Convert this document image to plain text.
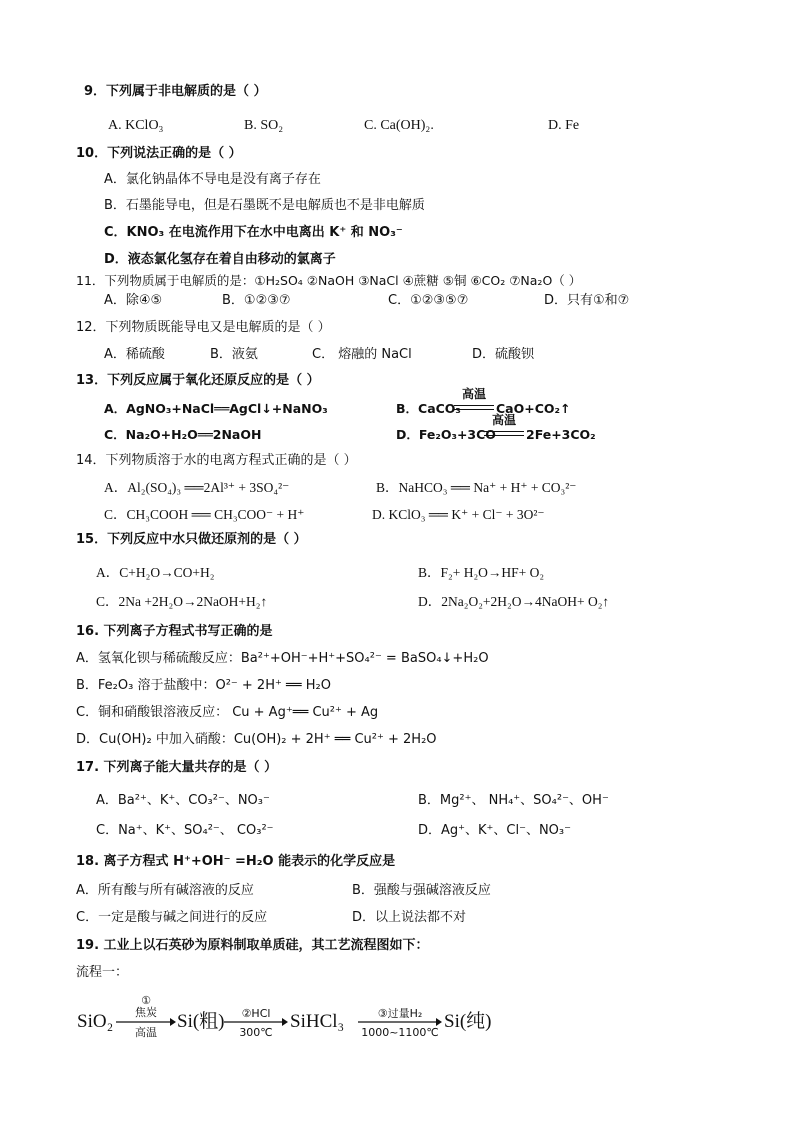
9．下列属于非电解质的是（ ）
A. KClO₃	B. SO₂	C. Ca(OH)₂.	D. Fe
10．下列说法正确的是（ ）
A．氯化钠晶体不导电是没有离子存在
B．石墨能导电，但是石墨既不是电解质也不是非电解质
C．KNO₃ 在电流作用下在水中电离出 K⁺ 和 NO₃⁻
D．液态氯化氢存在着自由移动的氯离子
11．下列物质属于电解质的是：①H₂SO₄ ②NaOH ③NaCl ④蔗糖 ⑤铜 ⑥CO₂ ⑦Na₂O（ ）
A．除④⑤	B．①②③⑦	C．①②③⑤⑦	D．只有①和⑦
12．下列物质既能导电又是电解质的是（ ）
A．稀硫酸	B．液氨	C． 熔融的 NaCl	D．硫酸钡
13．下列反应属于氧化还原反应的是（ ）
A．AgNO₃+NaCl══AgCl↓+NaNO₃	B．CaCO₃
高温
CaO+CO₂↑
C．Na₂O+H₂O══2NaOH	D．Fe₂O₃+3CO
高温
2Fe+3CO₂
14．下列物质溶于水的电离方程式正确的是（ ）
A．Al₂(SO₄)₃ ══2Al³⁺ + 3SO₄²⁻	B．NaHCO₃ ══ Na⁺ + H⁺ + CO₃²⁻
C．CH₃COOH ══ CH₃COO⁻ + H⁺	D. KClO₃ ══ K⁺ + Cl⁻ + 3O²⁻
15．下列反应中水只做还原剂的是（ ）
A．C+H₂O→CO+H₂	B．F₂+ H₂O→HF+ O₂
C．2Na +2H₂O→2NaOH+H₂↑	D．2Na₂O₂+2H₂O→4NaOH+ O₂↑
16. 下列离子方程式书写正确的是
A．氢氧化钡与稀硫酸反应：Ba²⁺+OH⁻+H⁺+SO₄²⁻ = BaSO₄↓+H₂O
B．Fe₂O₃ 溶于盐酸中：O²⁻ + 2H⁺ ══ H₂O
C．铜和硝酸银溶液反应： Cu + Ag⁺══ Cu²⁺ + Ag
D．Cu(OH)₂ 中加入硝酸：Cu(OH)₂ + 2H⁺ ══ Cu²⁺ + 2H₂O
17. 下列离子能大量共存的是（ ）
A．Ba²⁺、K⁺、CO₃²⁻、NO₃⁻	B．Mg²⁺、 NH₄⁺、SO₄²⁻、OH⁻
C．Na⁺、K⁺、SO₄²⁻、 CO₃²⁻	D．Ag⁺、K⁺、Cl⁻、NO₃⁻
18. 离子方程式 H⁺+OH⁻ =H₂O 能表示的化学反应是
A．所有酸与所有碱溶液的反应	B．强酸与强碱溶液反应
C．一定是酸与碱之间进行的反应	D．以上说法都不对
19. 工业上以石英砂为原料制取单质硅，其工艺流程图如下：
流程一：
SiO₂
①
焦炭
高温
Si(粗)	②HCl
300℃
SiHCl₃	③过量H₂
1000~1100℃
Si(纯)
